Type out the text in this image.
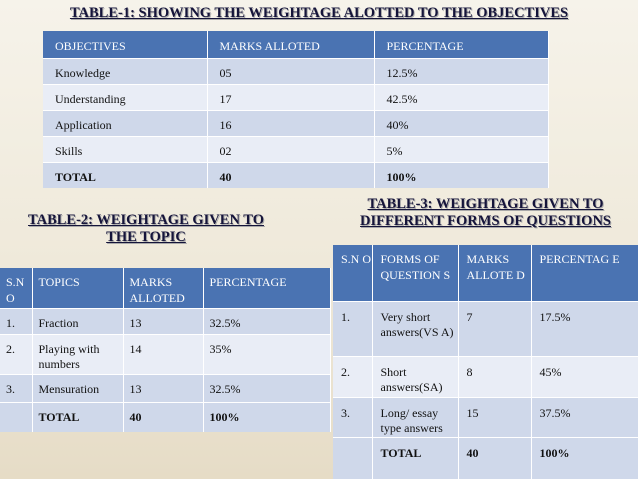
TABLE-1: SHOWING THE WEIGHTAGE ALOTTED TO THE OBJECTIVES
OBJECTIVES	MARKS ALLOTED	PERCENTAGE
Knowledge	05	12.5%
Understanding	17	42.5%
Application	16	40%
Skills	02	5%
TOTAL	40	100%
TABLE-2: WEIGHTAGE GIVEN TO
THE TOPIC
S.N O	TOPICS	MARKS ALLOTED	PERCENTAGE
1.	Fraction	13	32.5%
2.	Playing with numbers	14	35%
3.	Mensuration	13	32.5%
	TOTAL	40	100%
TABLE-3: WEIGHTAGE GIVEN TO
DIFFERENT FORMS OF QUESTIONS
S.N O	FORMS OF QUESTION S	MARKS ALLOTE D	PERCENTAG E
1.	Very short answers(VS A)	7	17.5%
2.	Short answers(SA)	8	45%
3.	Long/ essay type answers	15	37.5%
	TOTAL	40	100%
